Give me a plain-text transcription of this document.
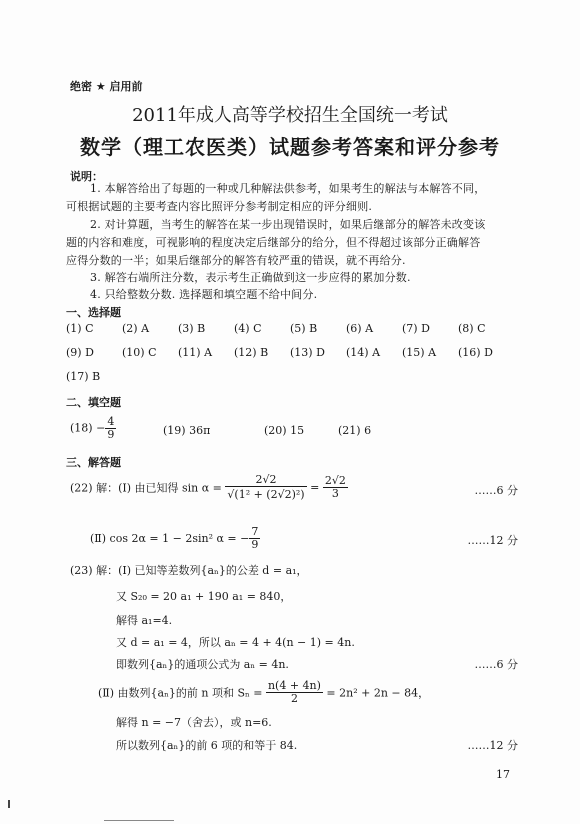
绝密 ★ 启用前
2011年成人高等学校招生全国统一考试
数学（理工农医类）试题参考答案和评分参考
说明：
1. 本解答给出了每题的一种或几种解法供参考，如果考生的解法与本解答不同，
可根据试题的主要考查内容比照评分参考制定相应的评分细则.
2. 对计算题，当考生的解答在某一步出现错误时，如果后继部分的解答未改变该
题的内容和难度，可视影响的程度决定后继部分的给分，但不得超过该部分正确解答
应得分数的一半；如果后继部分的解答有较严重的错误，就不再给分.
3. 解答右端所注分数，表示考生正确做到这一步应得的累加分数.
4. 只给整数分数. 选择题和填空题不给中间分.
一、选择题
(1) C	(2) A	(3) B	(4) C	(5) B	(6) A	(7) D	(8) C
(9) D	(10) C (11) A (12) B (13) D (14) A (15) A (16) D
(17) B
二、填空题
$(18) - \frac{4}{9}$	(19) 36π	(20) 15	(21) 6
三、解答题
(22) 解：(Ⅰ) 由已知得 $\sin \alpha = \frac{2√2}{\text{√(1² + (2√2)²)}} = \frac{2√2}{3}$	……6 分
(Ⅱ) cos 2α = 1 − 2sin² α = − $\frac{7}{9}$	……12 分
(23) 解：(Ⅰ) 已知等差数列{aₙ}的公差 d = a₁，
又 S₂₀ = 20 a₁ + 190 a₁ = 840，
解得 a₁=4.
又 d = a₁ = 4，所以 aₙ = 4 + 4(n − 1) = 4n.
即数列{aₙ}的通项公式为 aₙ = 4n.	……6 分
(Ⅱ) 由数列{aₙ}的前 n 项和 $S_n = \frac{n(4 + 4n)}{2} = 2n^2 + 2n - 84$，
解得 n = −7（舍去），或 n=6.
所以数列{aₙ}的前 6 项的和等于 84.	……12 分
17
